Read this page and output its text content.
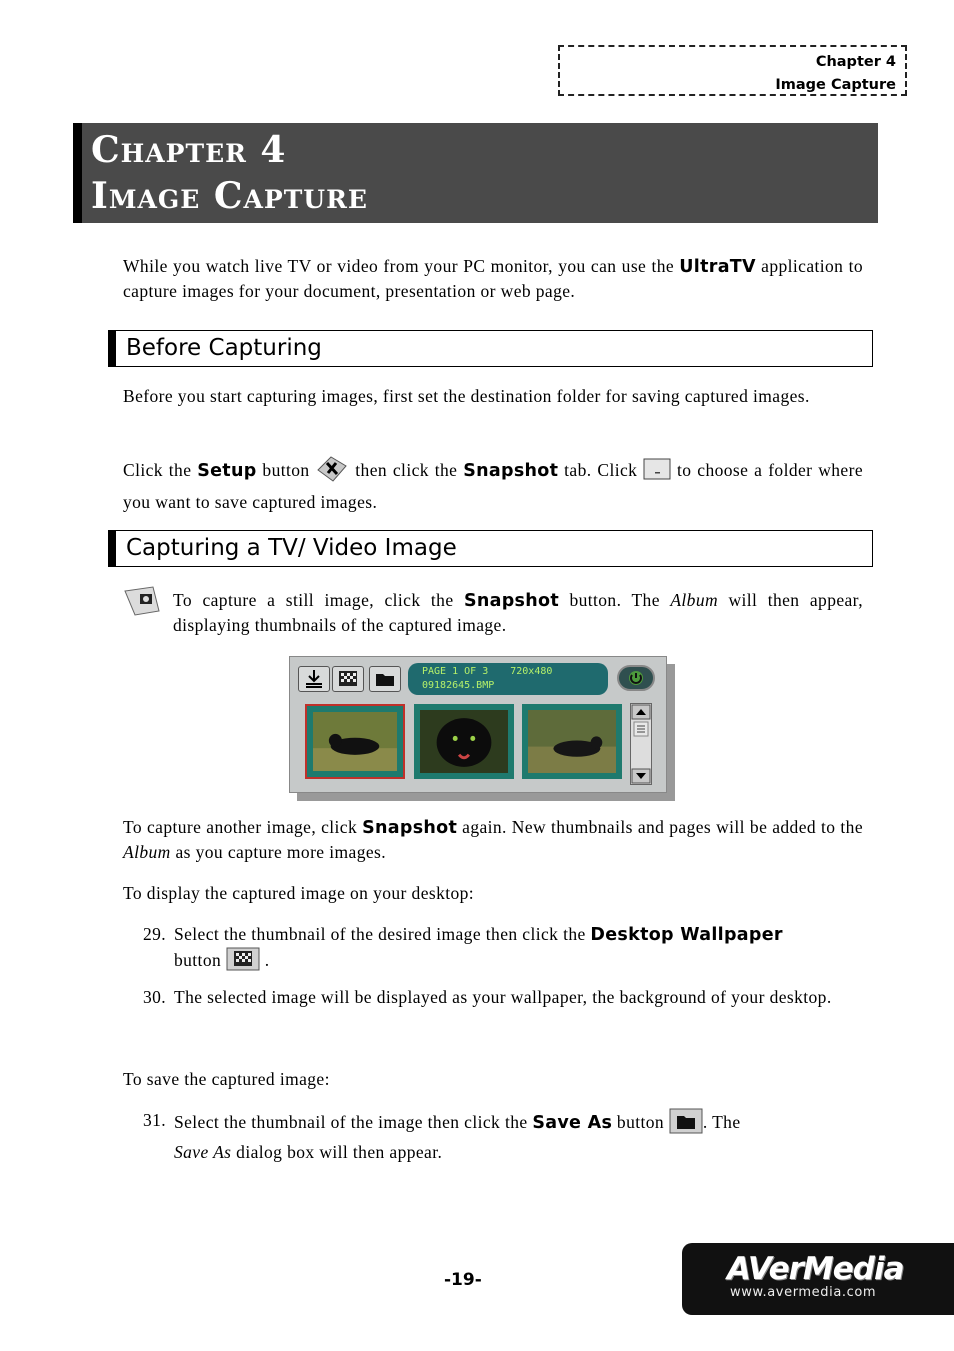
Chapter 4
Image Capture
Chapter 4
Image Capture
While you watch live TV or video from your PC monitor, you can use the UltraTV application to capture images for your document, presentation or web page.
Before Capturing
Before you start capturing images, first set the destination folder for saving captured images.
Click the Setup button  then click the Snapshot tab. Click  to choose a folder where you want to save captured images.
Capturing a TV/ Video Image
To capture a still image, click the Snapshot button. The Album will then appear, displaying thumbnails of the captured image.
PAGE 1 OF 3 720x480
09182645.BMP
To capture another image, click Snapshot again. New thumbnails and pages will be added to the Album as you capture more images.
To display the captured image on your desktop:
29. Select the thumbnail of the desired image then click the Desktop Wallpaper
button  .
30. The selected image will be displayed as your wallpaper, the background of your desktop.
To save the captured image:
31. Select the thumbnail of the image then click the Save As button . The
Save As dialog box will then appear.
-19-	AVerMedia
www.avermedia.com
